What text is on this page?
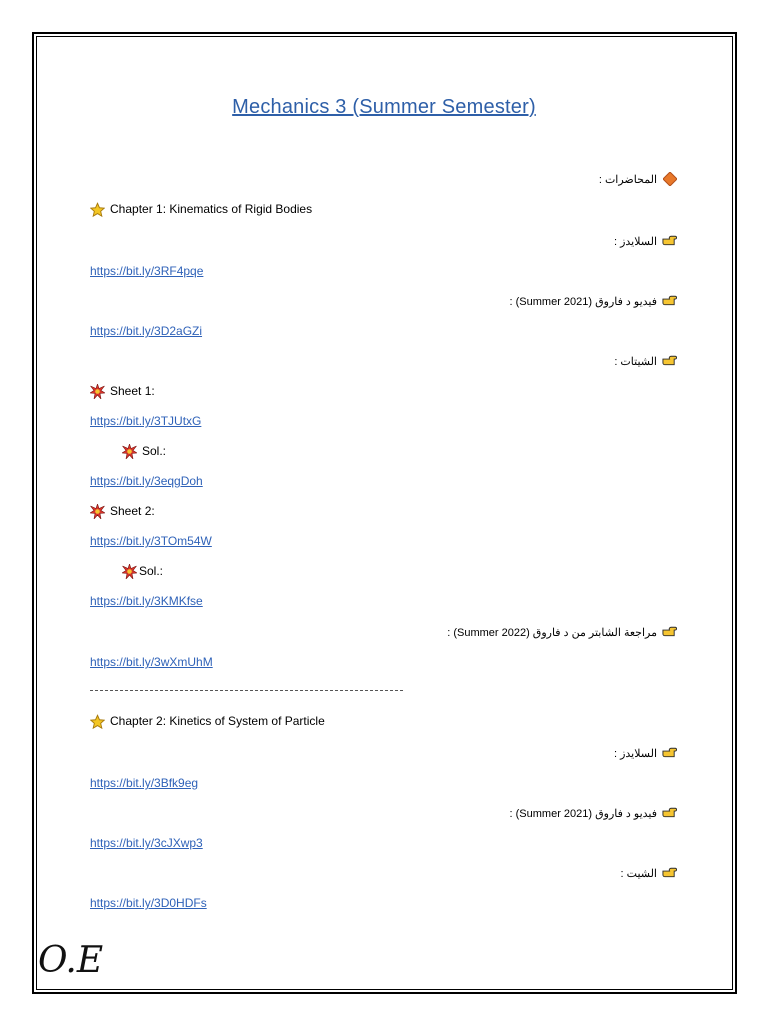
Mechanics 3 (Summer Semester)
المحاضرات :
Chapter 1: Kinematics of Rigid Bodies
السلايدز :
https://bit.ly/3RF4pqe
فيديو د فاروق (Summer 2021) :
https://bit.ly/3D2aGZi
الشيتات :
Sheet 1:
https://bit.ly/3TJUtxG
Sol.:
https://bit.ly/3eqgDoh
Sheet 2:
https://bit.ly/3TOm54W
Sol.:
https://bit.ly/3KMKfse
مراجعة الشابتر من د فاروق (Summer 2022) :
https://bit.ly/3wXmUhM
Chapter 2: Kinetics of System of Particle
السلايدز :
https://bit.ly/3Bfk9eg
فيديو د فاروق (Summer 2021) :
https://bit.ly/3cJXwp3
الشيت :
https://bit.ly/3D0HDFs
O.E
